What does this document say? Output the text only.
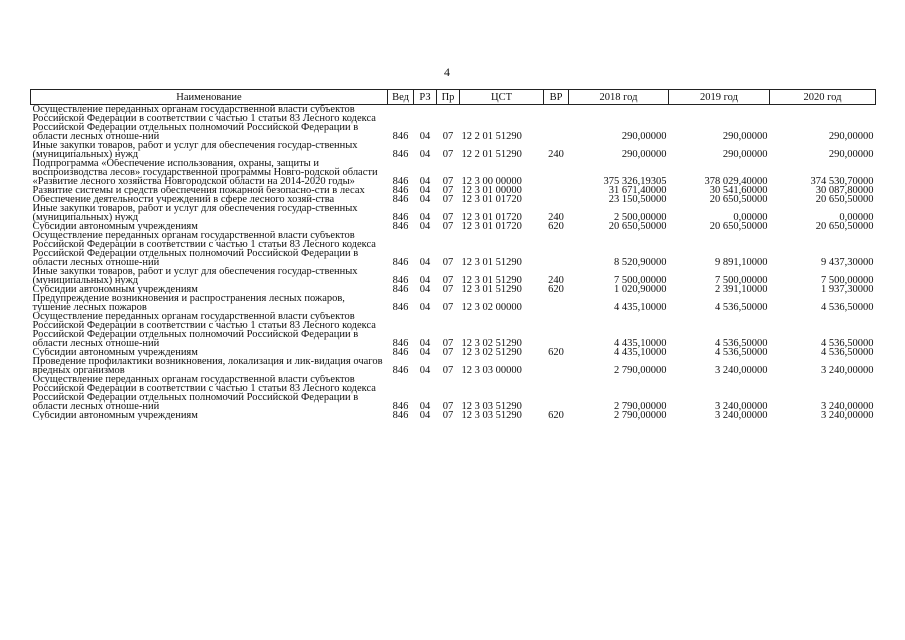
4
Наименование	Вед	РЗ	Пр	ЦСТ	ВР	2018 год	2019 год	2020 год
Осуществление переданных органам государственной власти субъектов Российской Федерации в соответствии с частью 1 статьи 83 Лесного кодекса Российской Федерации отдельных полномочий Российской Федерации в области лесных отноше-ний	846	04	07	12 2 01 51290		290,00000	290,00000	290,00000
Иные закупки товаров, работ и услуг для обеспечения государ-ственных (муниципальных) нужд	846	04	07	12 2 01 51290	240	290,00000	290,00000	290,00000
Подпрограмма «Обеспечение использования, охраны, защиты и воспроизводства лесов» государственной программы Новго-родской области «Развитие лесного хозяйства Новгородской области на 2014-2020 годы»	846	04	07	12 3 00 00000		375 326,19305	378 029,40000	374 530,70000
Развитие системы и средств обеспечения пожарной безопасно-сти в лесах	846	04	07	12 3 01 00000		31 671,40000	30 541,60000	30 087,80000
Обеспечение деятельности учреждений в сфере лесного хозяй-ства	846	04	07	12 3 01 01720		23 150,50000	20 650,50000	20 650,50000
Иные закупки товаров, работ и услуг для обеспечения государ-ственных (муниципальных) нужд	846	04	07	12 3 01 01720	240	2 500,00000	0,00000	0,00000
Субсидии автономным учреждениям	846	04	07	12 3 01 01720	620	20 650,50000	20 650,50000	20 650,50000
Осуществление переданных органам государственной власти субъектов Российской Федерации в соответствии с частью 1 статьи 83 Лесного кодекса Российской Федерации отдельных полномочий Российской Федерации в области лесных отноше-ний	846	04	07	12 3 01 51290		8 520,90000	9 891,10000	9 437,30000
Иные закупки товаров, работ и услуг для обеспечения государ-ственных (муниципальных) нужд	846	04	07	12 3 01 51290	240	7 500,00000	7 500,00000	7 500,00000
Субсидии автономным учреждениям	846	04	07	12 3 01 51290	620	1 020,90000	2 391,10000	1 937,30000
Предупреждение возникновения и распространения лесных пожаров, тушение лесных пожаров	846	04	07	12 3 02 00000		4 435,10000	4 536,50000	4 536,50000
Осуществление переданных органам государственной власти субъектов Российской Федерации в соответствии с частью 1 статьи 83 Лесного кодекса Российской Федерации отдельных полномочий Российской Федерации в области лесных отноше-ний	846	04	07	12 3 02 51290		4 435,10000	4 536,50000	4 536,50000
Субсидии автономным учреждениям	846	04	07	12 3 02 51290	620	4 435,10000	4 536,50000	4 536,50000
Проведение профилактики возникновения, локализация и лик-видация очагов вредных организмов	846	04	07	12 3 03 00000		2 790,00000	3 240,00000	3 240,00000
Осуществление переданных органам государственной власти субъектов Российской Федерации в соответствии с частью 1 статьи 83 Лесного кодекса Российской Федерации отдельных полномочий Российской Федерации в области лесных отноше-ний	846	04	07	12 3 03 51290		2 790,00000	3 240,00000	3 240,00000
Субсидии автономным учреждениям	846	04	07	12 3 03 51290	620	2 790,00000	3 240,00000	3 240,00000
